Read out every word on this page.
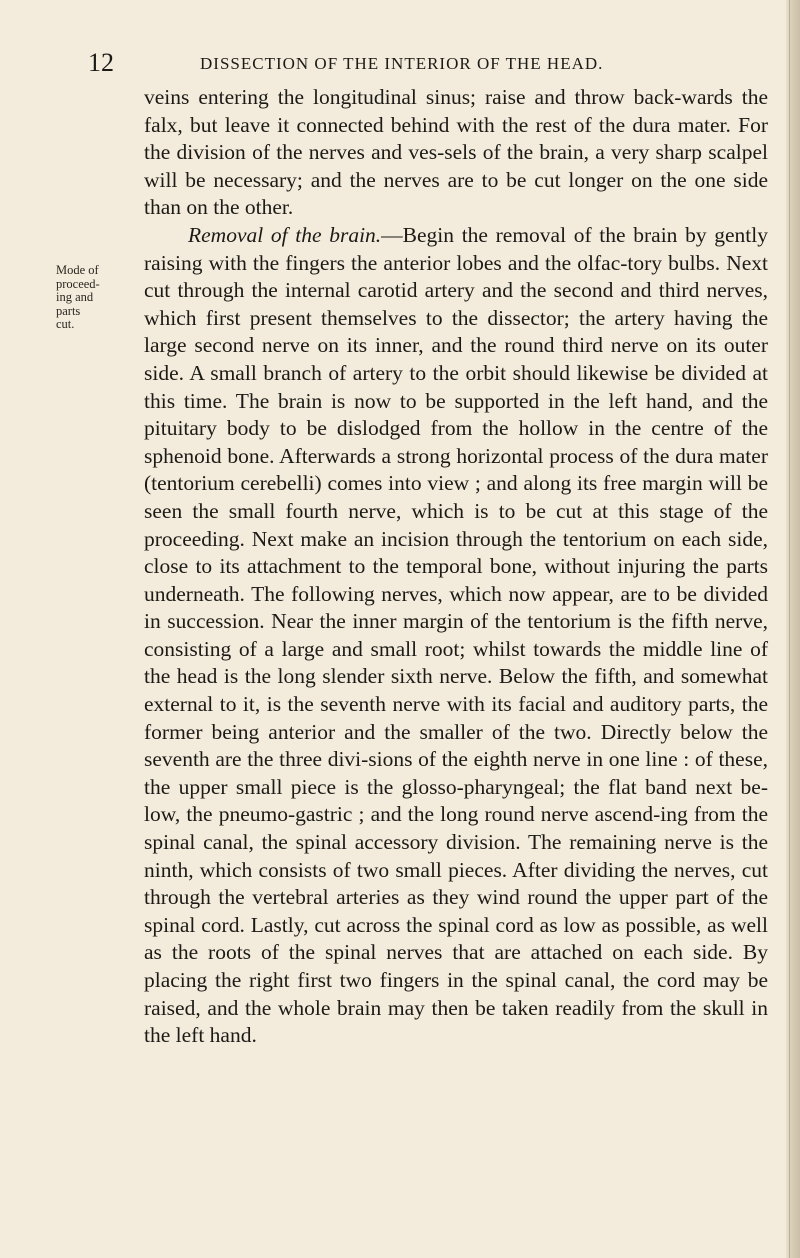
12	DISSECTION OF THE INTERIOR OF THE HEAD.
Mode of
proceed-
ing and
parts
cut.

veins entering the longitudinal sinus; raise and throw back-wards the falx, but leave it connected behind with the rest of the dura mater. For the division of the nerves and ves-sels of the brain, a very sharp scalpel will be necessary; and the nerves are to be cut longer on the one side than on the other.

Removal of the brain.—Begin the removal of the brain by gently raising with the fingers the anterior lobes and the olfac-tory bulbs. Next cut through the internal carotid artery and the second and third nerves, which first present themselves to the dissector; the artery having the large second nerve on its inner, and the round third nerve on its outer side. A small branch of artery to the orbit should likewise be divided at this time. The brain is now to be supported in the left hand, and the pituitary body to be dislodged from the hollow in the centre of the sphenoid bone. Afterwards a strong horizontal process of the dura mater (tentorium cerebelli) comes into view ; and along its free margin will be seen the small fourth nerve, which is to be cut at this stage of the proceeding. Next make an incision through the tentorium on each side, close to its attachment to the temporal bone, without injuring the parts underneath. The following nerves, which now appear, are to be divided in succession. Near the inner margin of the tentorium is the fifth nerve, consisting of a large and small root; whilst towards the middle line of the head is the long slender sixth nerve. Below the fifth, and somewhat external to it, is the seventh nerve with its facial and auditory parts, the former being anterior and the smaller of the two. Directly below the seventh are the three divi-sions of the eighth nerve in one line : of these, the upper small piece is the glosso-pharyngeal; the flat band next be-low, the pneumo-gastric ; and the long round nerve ascend-ing from the spinal canal, the spinal accessory division. The remaining nerve is the ninth, which consists of two small pieces. After dividing the nerves, cut through the vertebral arteries as they wind round the upper part of the spinal cord. Lastly, cut across the spinal cord as low as possible, as well as the roots of the spinal nerves that are attached on each side. By placing the right first two fingers in the spinal canal, the cord may be raised, and the whole brain may then be taken readily from the skull in the left hand.
